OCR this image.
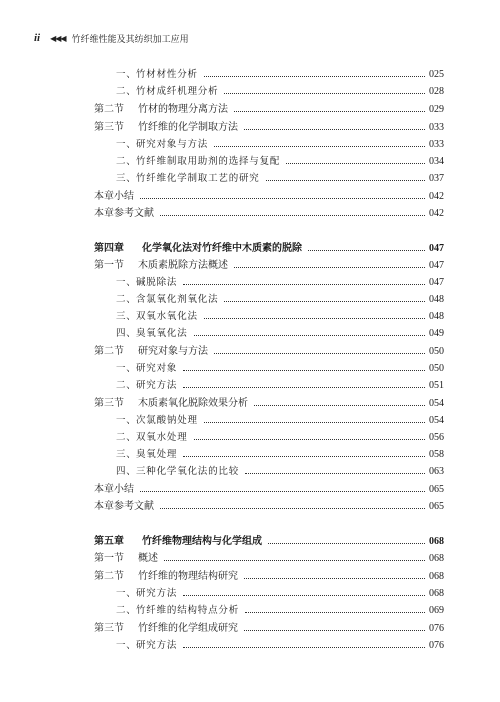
ii ◀◀◀ 竹纤维性能及其纺织加工应用
一、 竹材材性分析	025
二、 竹材成纤机理分析	028
第二节	竹材的物理分离方法	029
第三节	竹纤维的化学制取方法	033
一、 研究对象与方法	033
二、 竹纤维制取用助剂的选择与复配	034
三、 竹纤维化学制取工艺的研究	037
本章小结	042
本章参考文献	042
第四章	化学氧化法对竹纤维中木质素的脱除	047
第一节	木质素脱除方法概述	047
一、 碱脱除法	047
二、 含氯氧化剂氧化法	048
三、 双氧水氧化法	048
四、 臭氧氧化法	049
第二节	研究对象与方法	050
一、 研究对象	050
二、 研究方法	051
第三节	木质素氧化脱除效果分析	054
一、 次氯酸钠处理	054
二、 双氧水处理	056
三、 臭氧处理	058
四、 三种化学氧化法的比较	063
本章小结	065
本章参考文献	065
第五章	竹纤维物理结构与化学组成	068
第一节	概述	068
第二节	竹纤维的物理结构研究	068
一、 研究方法	068
二、 竹纤维的结构特点分析	069
第三节	竹纤维的化学组成研究	076
一、 研究方法	076
